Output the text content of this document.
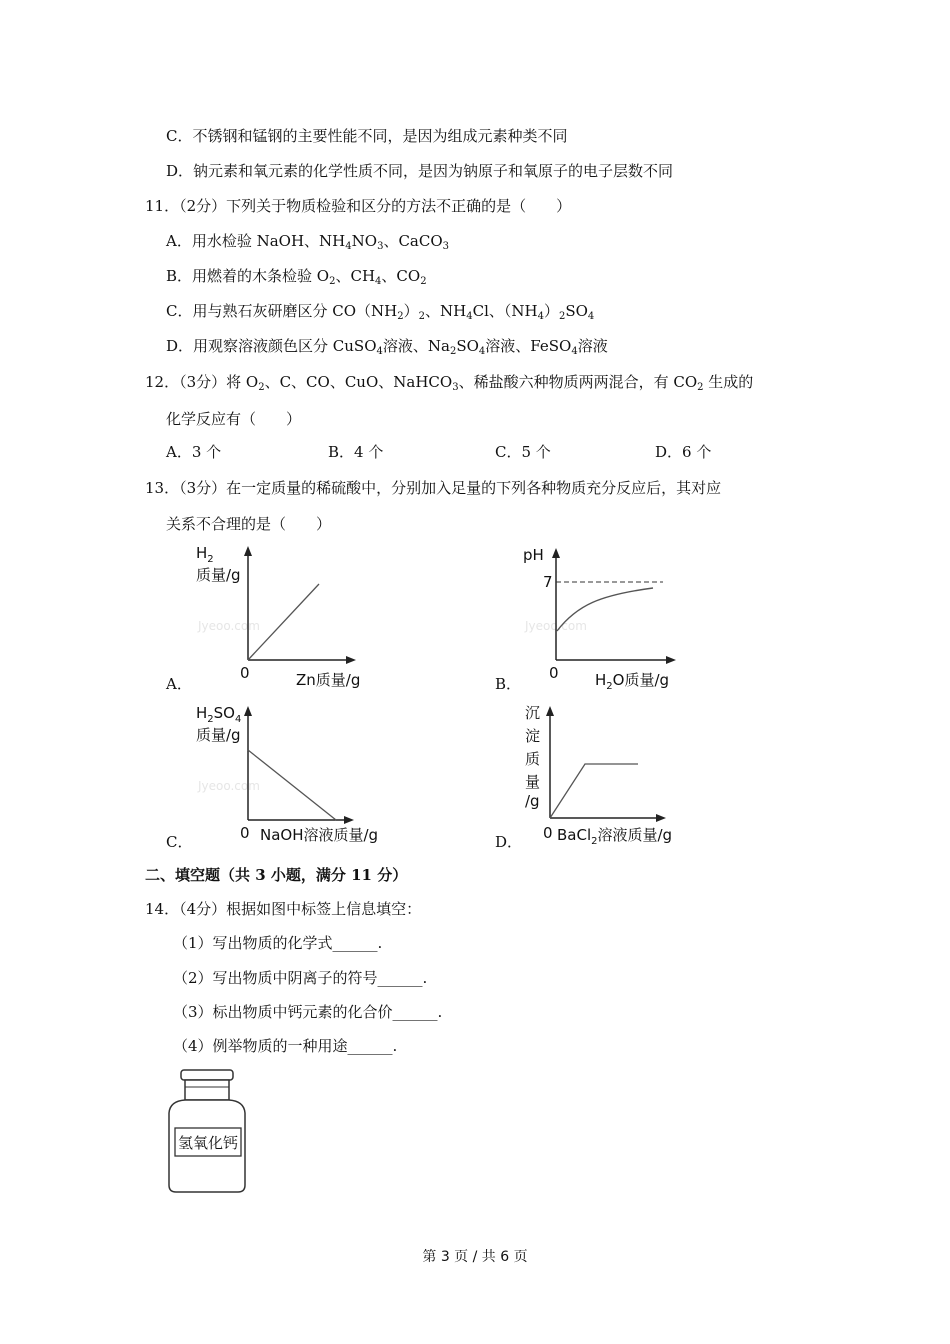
C．不锈钢和锰钢的主要性能不同，是因为组成元素种类不同
D．钠元素和氧元素的化学性质不同，是因为钠原子和氧原子的电子层数不同
11．（2分）下列关于物质检验和区分的方法不正确的是（　　）
A．用水检验 NaOH、$NH_4NO_3$、CaCO$_3$
B．用燃着的木条检验 $O_2$、$CH_4$、$CO_2$
C．用与熟石灰研磨区分 $CO(NH_2)_2$、$NH_4Cl$、$(NH_4)_2SO_4$
D．用观察溶液颜色区分 CuSO$_4$溶液、$Na_2SO_4$溶液、FeSO$_4$溶液
12．（3分）将 $O_2$、C、CO、CuO、NaHCO$_3$、稀盐酸六种物质两两混合，有 $CO_2$ 生成的
化学反应有（　　）
A．3 个	B．4 个	C．5 个	D．6 个
13．（3分）在一定质量的稀硫酸中，分别加入足量的下列各种物质充分反应后，其对应
关系不合理的是（　　）
Jyeoo.com
$H_2$
质量/g
0	Zn质量/g
A．
Jyeoo.com
pH
7
0 $H_2O$质量/g
B．
Jyeoo.com
$H_2SO_4$
质量/g
0 NaOH溶液质量/g
C．
沉
淀
质
量
/g
0 BaCl$_2$溶液质量/g
D．
二、填空题（共 3 小题，满分 11 分）
14．（4分）根据如图中标签上信息填空：
（1）写出物质的化学式______.
（2）写出物质中阴离子的符号______.
（3）标出物质中钙元素的化合价______.
（4）例举物质的一种用途______.
氢氧化钙
第 3 页 / 共 6 页
